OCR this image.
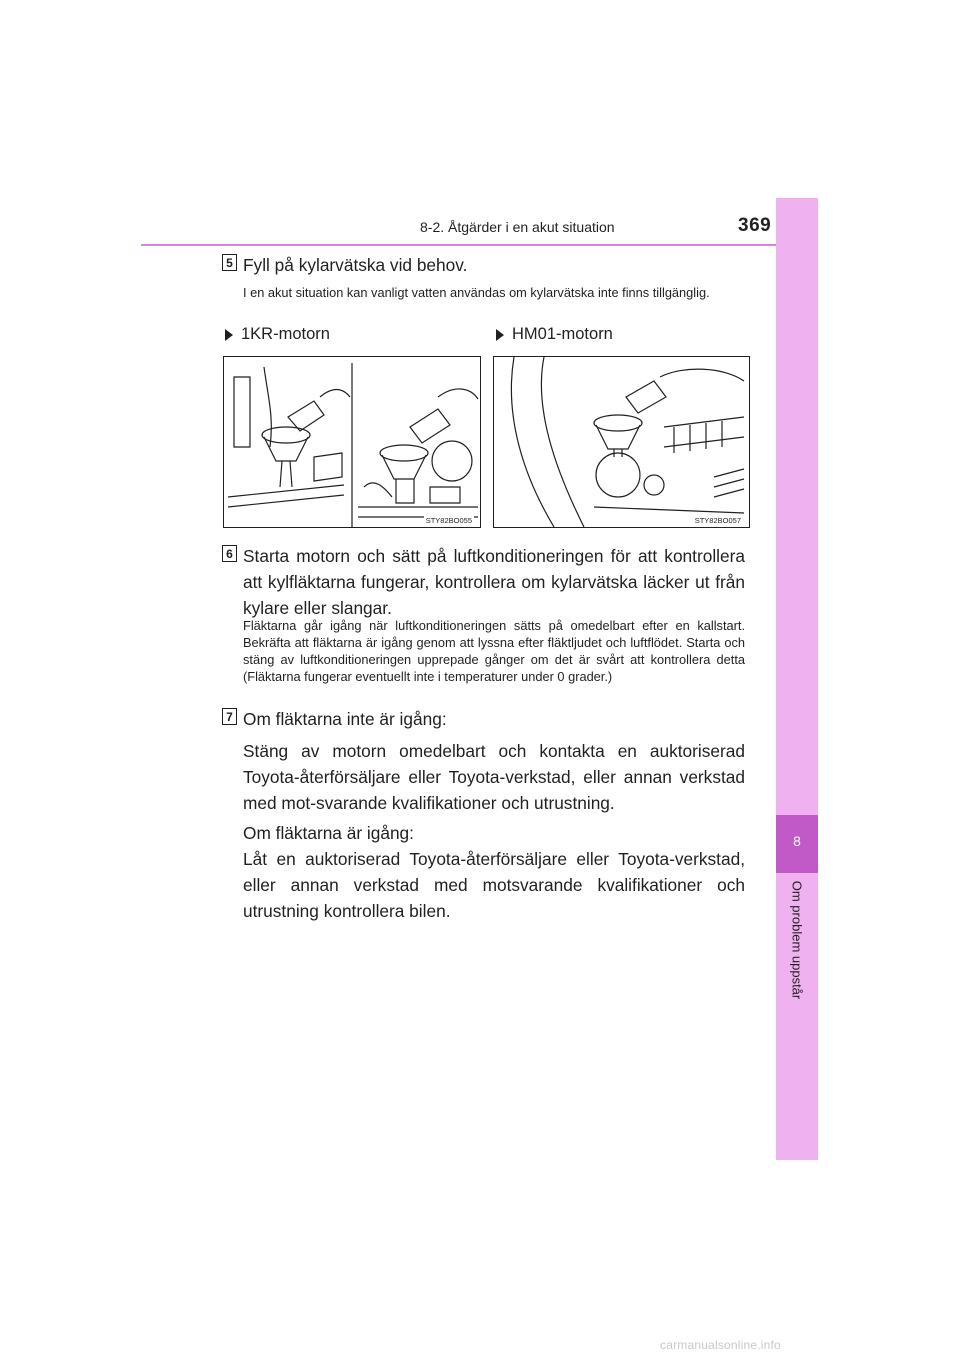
8-2. Åtgärder i en akut situation	369
8
Om problem uppstår
5 Fyll på kylarvätska vid behov.
I en akut situation kan vanligt vatten användas om kylarvätska inte finns tillgänglig.
1KR-motorn	HM01-motorn
STY82BO055	STY82BO057
6 Starta motorn och sätt på luftkonditioneringen för att kontrollera att kylfläktarna fungerar, kontrollera om kylarvätska läcker ut från kylare eller slangar.
Fläktarna går igång när luftkonditioneringen sätts på omedelbart efter en kallstart. Bekräfta att fläktarna är igång genom att lyssna efter fläktljudet och luftflödet. Starta och stäng av luftkonditioneringen upprepade gånger om det är svårt att kontrollera detta (Fläktarna fungerar eventuellt inte i temperaturer under 0 grader.)
7 Om fläktarna inte är igång:
Stäng av motorn omedelbart och kontakta en auktoriserad Toyota-återförsäljare eller Toyota-verkstad, eller annan verkstad med mot-svarande kvalifikationer och utrustning.
Om fläktarna är igång:
Låt en auktoriserad Toyota-återförsäljare eller Toyota-verkstad, eller annan verkstad med motsvarande kvalifikationer och utrustning kontrollera bilen.
carmanualsonline.info
